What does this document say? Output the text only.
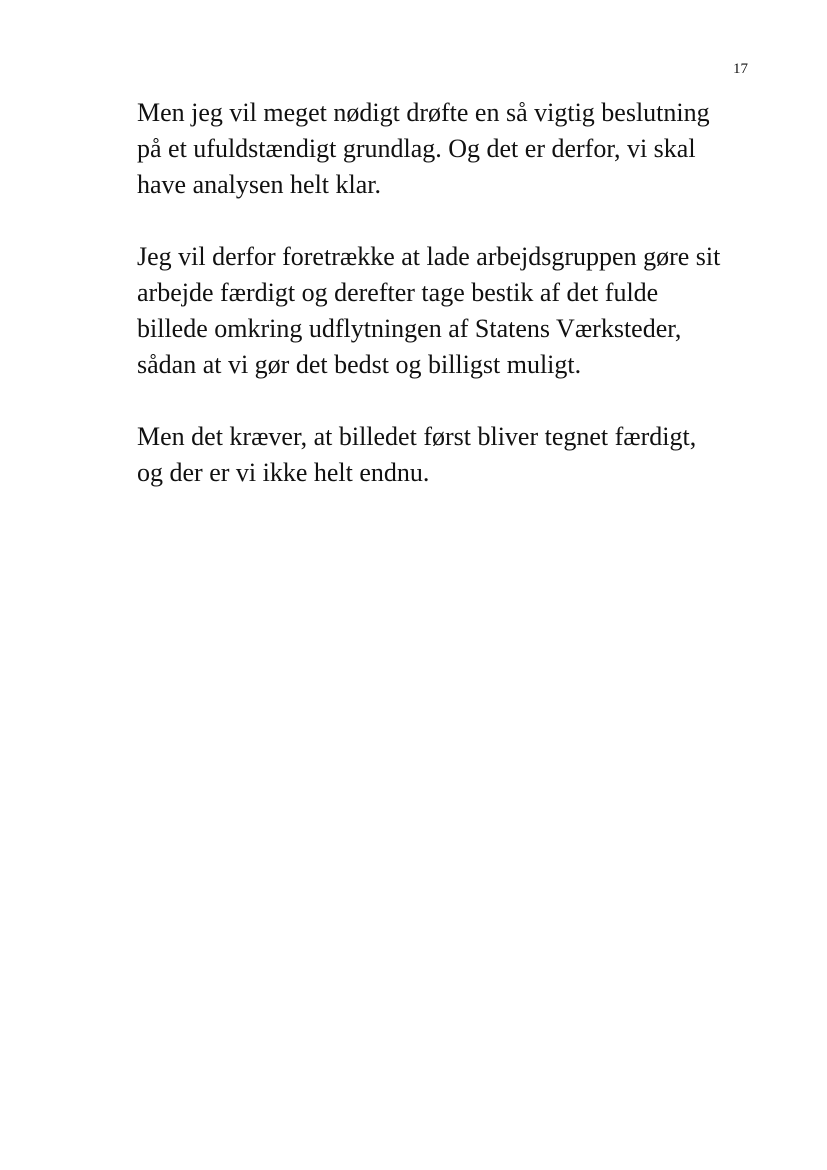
17

Men jeg vil meget nødigt drøfte en så vigtig beslutning
på et ufuldstændigt grundlag. Og det er derfor, vi skal
have analysen helt klar.

Jeg vil derfor foretrække at lade arbejdsgruppen gøre sit
arbejde færdigt og derefter tage bestik af det fulde
billede omkring udflytningen af Statens Værksteder,
sådan at vi gør det bedst og billigst muligt.

Men det kræver, at billedet først bliver tegnet færdigt,
og der er vi ikke helt endnu.
